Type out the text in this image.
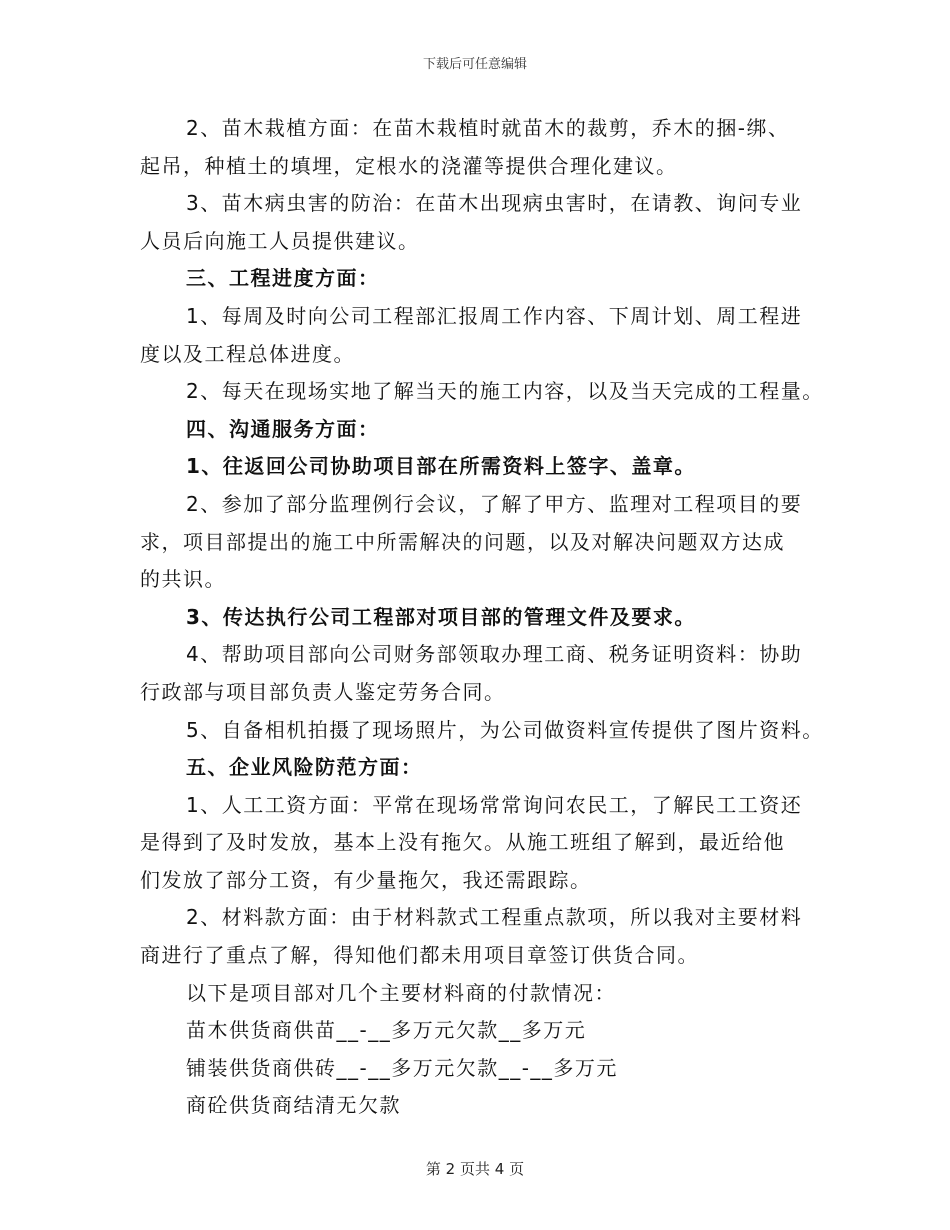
下载后可任意编辑
2、苗木栽植方面：在苗木栽植时就苗木的裁剪，乔木的捆-绑、
起吊，种植土的填埋，定根水的浇灌等提供合理化建议。
3、苗木病虫害的防治：在苗木出现病虫害时，在请教、询问专业
人员后向施工人员提供建议。
三、工程进度方面：
1、每周及时向公司工程部汇报周工作内容、下周计划、周工程进
度以及工程总体进度。
2、每天在现场实地了解当天的施工内容，以及当天完成的工程量。
四、沟通服务方面：
1、往返回公司协助项目部在所需资料上签字、盖章。
2、参加了部分监理例行会议，了解了甲方、监理对工程项目的要
求，项目部提出的施工中所需解决的问题，以及对解决问题双方达成
的共识。
3、传达执行公司工程部对项目部的管理文件及要求。
4、帮助项目部向公司财务部领取办理工商、税务证明资料：协助
行政部与项目部负责人鉴定劳务合同。
5、自备相机拍摄了现场照片，为公司做资料宣传提供了图片资料。
五、企业风险防范方面：
1、人工工资方面：平常在现场常常询问农民工，了解民工工资还
是得到了及时发放，基本上没有拖欠。从施工班组了解到，最近给他
们发放了部分工资，有少量拖欠，我还需跟踪。
2、材料款方面：由于材料款式工程重点款项，所以我对主要材料
商进行了重点了解，得知他们都未用项目章签订供货合同。
以下是项目部对几个主要材料商的付款情况：
苗木供货商供苗__-__多万元欠款__多万元
铺装供货商供砖__-__多万元欠款__-__多万元
商砼供货商结清无欠款
第 2 页共 4 页
